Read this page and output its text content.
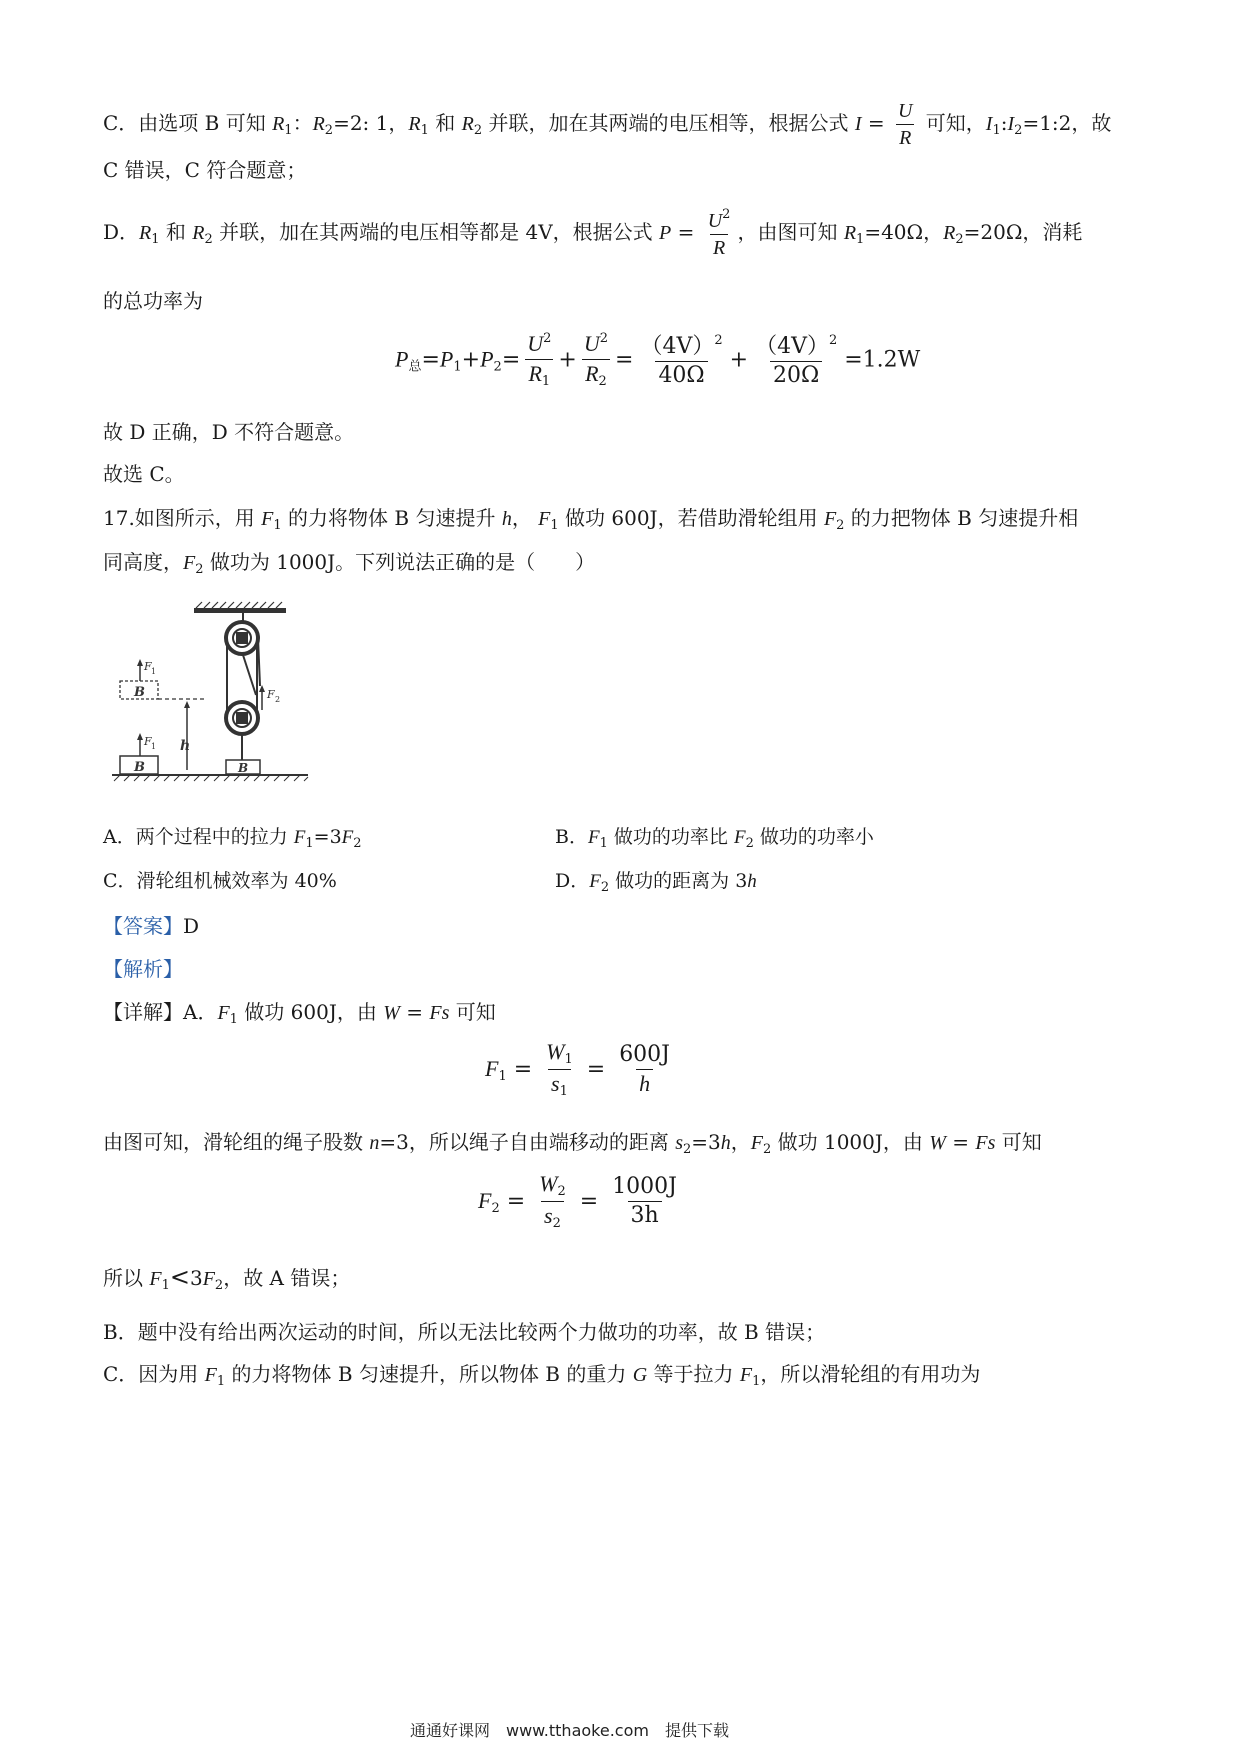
C．由选项 B 可知 $R_1$：$R_2=2$: 1，$R_1$ 和 $R_2$ 并联，加在其两端的电压相等，根据公式 $I = \frac{U}{R}$ 可知，$I_1:I_2=1:2$，故
C 错误，C 符合题意；
D．$R_1$ 和 $R_2$ 并联，加在其两端的电压相等都是 4V，根据公式 $P = \frac{U^2}{R}$ ，由图可知 $R_1=40\Omega$，$R_2=20\Omega$，消耗
的总功率为
$P_总=P_1+P_2= \frac{U^2}{R_1} + \frac{U^2}{R_2} = \frac{(4V)^2}{40\Omega} + \frac{(4V)^2}{20\Omega} =1.2W$
故 D 正确，D 不符合题意。
故选 C。
17.如图所示，用 $F_1$ 的力将物体 B 匀速提升 h， $F_1$ 做功 600J，若借助滑轮组用 $F_2$ 的力把物体 B 匀速提升相
同高度，$F_2$ 做功为 1000J。下列说法正确的是（　　）
F 2
B
F 1
h
B
F 1
B
A．两个过程中的拉力 $F_1=3F_2$	B．$F_1$ 做功的功率比 $F_2$ 做功的功率小
C．滑轮组机械效率为 40%	D．$F_2$ 做功的距离为 3h
【答案】D
【解析】
【详解】A．$F_1$ 做功 600J，由 W = Fs 可知
$F_1 = \frac{W_1}{s_1} = \frac{600J}{h}$
由图可知，滑轮组的绳子股数 n=3，所以绳子自由端移动的距离 $s_2=3h$，$F_2$ 做功 1000J，由 W = Fs 可知
$F_2 = \frac{W_2}{s_2} = \frac{1000J}{3h}$
所以 $F_1<3F_2$，故 A 错误；
B．题中没有给出两次运动的时间，所以无法比较两个力做功的功率，故 B 错误；
C．因为用 $F_1$ 的力将物体 B 匀速提升，所以物体 B 的重力 G 等于拉力 $F_1$，所以滑轮组的有用功为
通通好课网　www.tthaoke.com　提供下载
